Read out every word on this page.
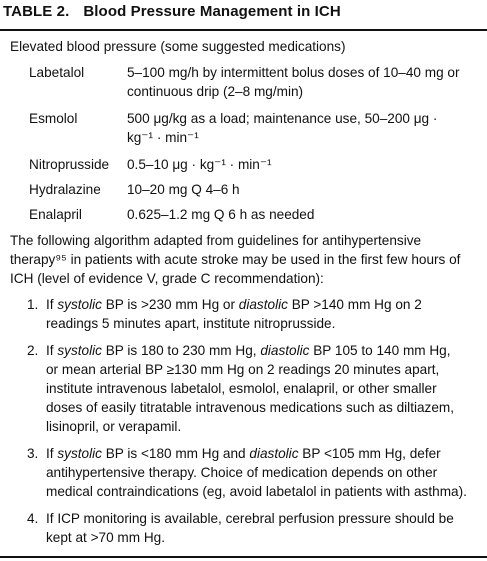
TABLE 2. Blood Pressure Management in ICH
Elevated blood pressure (some suggested medications)
Labetalol	5–100 mg/h by intermittent bolus doses of 10–40 mg or
continuous drip (2–8 mg/min)
Esmolol	500 μg/kg as a load; maintenance use, 50–200 μg ·
kg⁻¹ · min⁻¹
Nitroprusside 0.5–10 μg · kg⁻¹ · min⁻¹
Hydralazine 10–20 mg Q 4–6 h
Enalapril	0.625–1.2 mg Q 6 h as needed
The following algorithm adapted from guidelines for antihypertensive
therapy⁹⁵ in patients with acute stroke may be used in the first few hours of
ICH (level of evidence V, grade C recommendation):
1. If systolic BP is >230 mm Hg or diastolic BP >140 mm Hg on 2
readings 5 minutes apart, institute nitroprusside.
2. If systolic BP is 180 to 230 mm Hg, diastolic BP 105 to 140 mm Hg,
or mean arterial BP ≥130 mm Hg on 2 readings 20 minutes apart,
institute intravenous labetalol, esmolol, enalapril, or other smaller
doses of easily titratable intravenous medications such as diltiazem,
lisinopril, or verapamil.
3. If systolic BP is <180 mm Hg and diastolic BP <105 mm Hg, defer
antihypertensive therapy. Choice of medication depends on other
medical contraindications (eg, avoid labetalol in patients with asthma).
4. If ICP monitoring is available, cerebral perfusion pressure should be
kept at >70 mm Hg.
